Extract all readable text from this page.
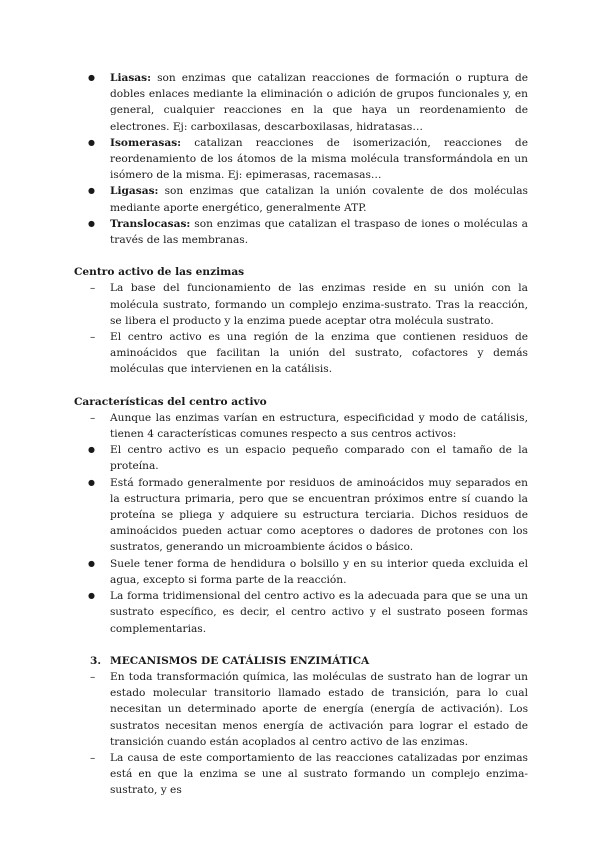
● Liasas: son enzimas que catalizan reacciones de formación o ruptura de dobles enlaces mediante la eliminación o adición de grupos funcionales y, en general, cualquier reacciones en la que haya un reordenamiento de electrones. Ej: carboxilasas, descarboxilasas, hidratasas…
● Isomerasas: catalizan reacciones de isomerización, reacciones de reordenamiento de los átomos de la misma molécula transformándola en un isómero de la misma. Ej: epimerasas, racemasas…
● Ligasas: son enzimas que catalizan la unión covalente de dos moléculas mediante aporte energético, generalmente ATP.
● Translocasas: son enzimas que catalizan el traspaso de iones o moléculas a través de las membranas.
Centro activo de las enzimas
– La base del funcionamiento de las enzimas reside en su unión con la molécula sustrato, formando un complejo enzima-sustrato. Tras la reacción, se libera el producto y la enzima puede aceptar otra molécula sustrato.
– El centro activo es una región de la enzima que contienen residuos de aminoácidos que facilitan la unión del sustrato, cofactores y demás moléculas que intervienen en la catálisis.
Características del centro activo
– Aunque las enzimas varían en estructura, especificidad y modo de catálisis, tienen 4 características comunes respecto a sus centros activos:
● El centro activo es un espacio pequeño comparado con el tamaño de la proteína.
● Está formado generalmente por residuos de aminoácidos muy separados en la estructura primaria, pero que se encuentran próximos entre sí cuando la proteína se pliega y adquiere su estructura terciaria. Dichos residuos de aminoácidos pueden actuar como aceptores o dadores de protones con los sustratos, generando un microambiente ácidos o básico.
● Suele tener forma de hendidura o bolsillo y en su interior queda excluida el agua, excepto si forma parte de la reacción.
● La forma tridimensional del centro activo es la adecuada para que se una un sustrato específico, es decir, el centro activo y el sustrato poseen formas complementarias.
3. MECANISMOS DE CATÁLISIS ENZIMÁTICA
– En toda transformación química, las moléculas de sustrato han de lograr un estado molecular transitorio llamado estado de transición, para lo cual necesitan un determinado aporte de energía (energía de activación). Los sustratos necesitan menos energía de activación para lograr el estado de transición cuando están acoplados al centro activo de las enzimas.
– La causa de este comportamiento de las reacciones catalizadas por enzimas está en que la enzima se une al sustrato formando un complejo enzima-sustrato, y es
